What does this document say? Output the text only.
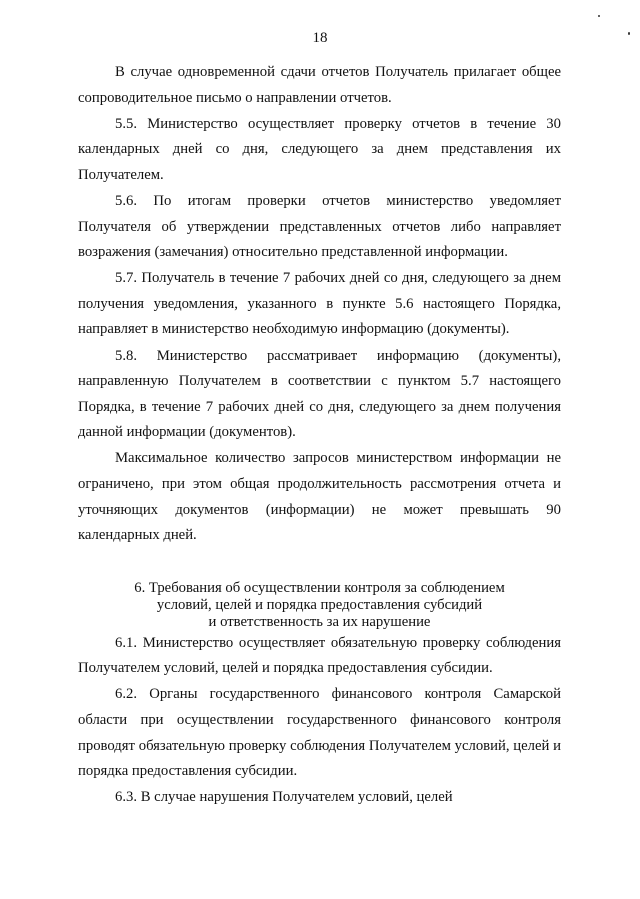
18

В случае одновременной сдачи отчетов Получатель прилагает общее сопроводительное письмо о направлении отчетов.

5.5. Министерство осуществляет проверку отчетов в течение 30 календарных дней со дня, следующего за днем представления их Получателем.

5.6. По итогам проверки отчетов министерство уведомляет Получателя об утверждении представленных отчетов либо направляет возражения (замечания) относительно представленной информации.

5.7. Получатель в течение 7 рабочих дней со дня, следующего за днем получения уведомления, указанного в пункте 5.6 настоящего Порядка, направляет в министерство необходимую информацию (документы).

5.8. Министерство рассматривает информацию (документы), направленную Получателем в соответствии с пунктом 5.7 настоящего Порядка, в течение 7 рабочих дней со дня, следующего за днем получения данной информации (документов).

Максимальное количество запросов министерством информации не ограничено, при этом общая продолжительность рассмотрения отчета и уточняющих документов (информации) не может превышать 90 календарных дней.

6. Требования об осуществлении контроля за соблюдением
условий, целей и порядка предоставления субсидий
и ответственность за их нарушение

6.1. Министерство осуществляет обязательную проверку соблюдения Получателем условий, целей и порядка предоставления субсидии.

6.2. Органы государственного финансового контроля Самарской области при осуществлении государственного финансового контроля проводят обязательную проверку соблюдения Получателем условий, целей и порядка предоставления субсидии.

6.3. В случае нарушения Получателем условий, целей
